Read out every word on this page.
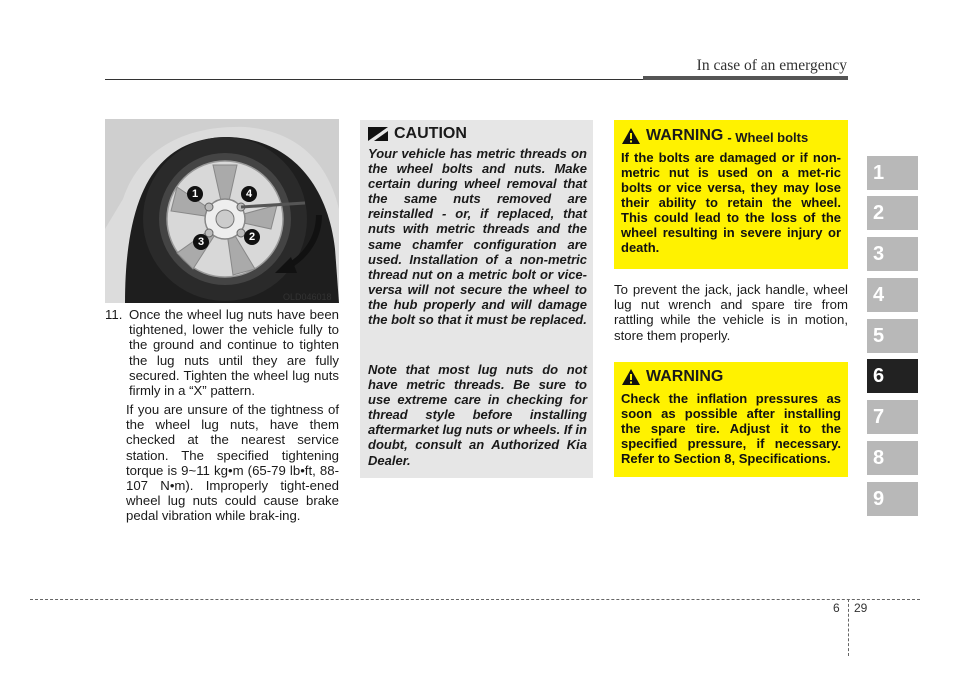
In case of an emergency
1	4
3	2
OLD046018
11. Once the wheel lug nuts have been tightened, lower the vehicle fully to the ground and continue to tighten the lug nuts until they are fully secured. Tighten the wheel lug nuts firmly in a “X” pattern.
If you are unsure of the tightness of the wheel lug nuts, have them checked at the nearest service station. The specified tightening torque is 9~11 kg•m (65-79 lb•ft, 88-107 N•m). Improperly tight-ened wheel lug nuts could cause brake pedal vibration while brak-ing.
CAUTION
Your vehicle has metric threads on the wheel bolts and nuts. Make certain during wheel removal that the same nuts removed are reinstalled - or, if replaced, that nuts with metric threads and the same chamfer configuration are used. Installation of a non-metric thread nut on a metric bolt or vice-versa will not secure the wheel to the hub properly and will damage the bolt so that it must be replaced.
Note that most lug nuts do not have metric threads. Be sure to use extreme care in checking for thread style before installing aftermarket lug nuts or wheels. If in doubt, consult an Authorized Kia Dealer.
WARNING - Wheel bolts
If the bolts are damaged or if non-metric nut is used on a met-ric bolts or vice versa, they may lose their ability to retain the wheel. This could lead to the loss of the wheel resulting in severe injury or death.
To prevent the jack, jack handle, wheel lug nut wrench and spare tire from rattling while the vehicle is in motion, store them properly.
WARNING
Check the inflation pressures as soon as possible after installing the spare tire. Adjust it to the specified pressure, if necessary. Refer to Section 8, Specifications.
1
2
3
4
5
6
7
8
9
6 29
